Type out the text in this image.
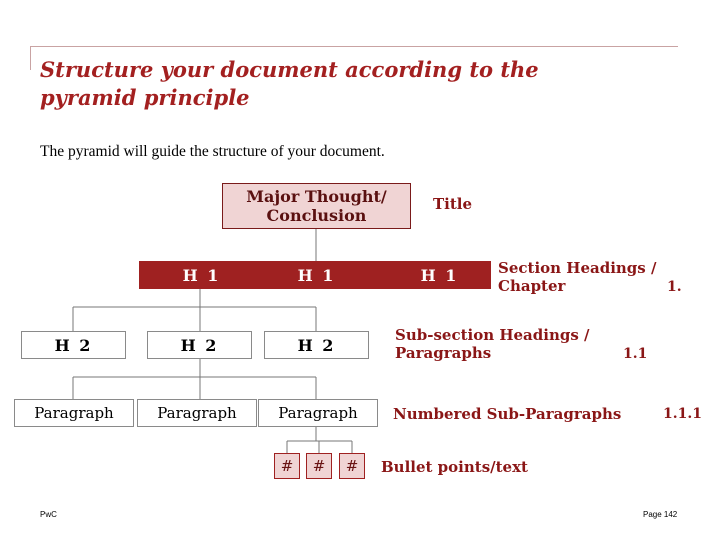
Structure your document according to the
pyramid principle
The pyramid will guide the structure of your document.
Major Thought/
Conclusion
H 1	H 1	H 1
H 2	H 2	H 2
Paragraph	Paragraph	Paragraph
#	#	#
Title
Section Headings /
Chapter	1.
Sub-section Headings /
Paragraphs	1.1
Numbered Sub-Paragraphs	1.1.1
Bullet points/text
PwC	Page 142
